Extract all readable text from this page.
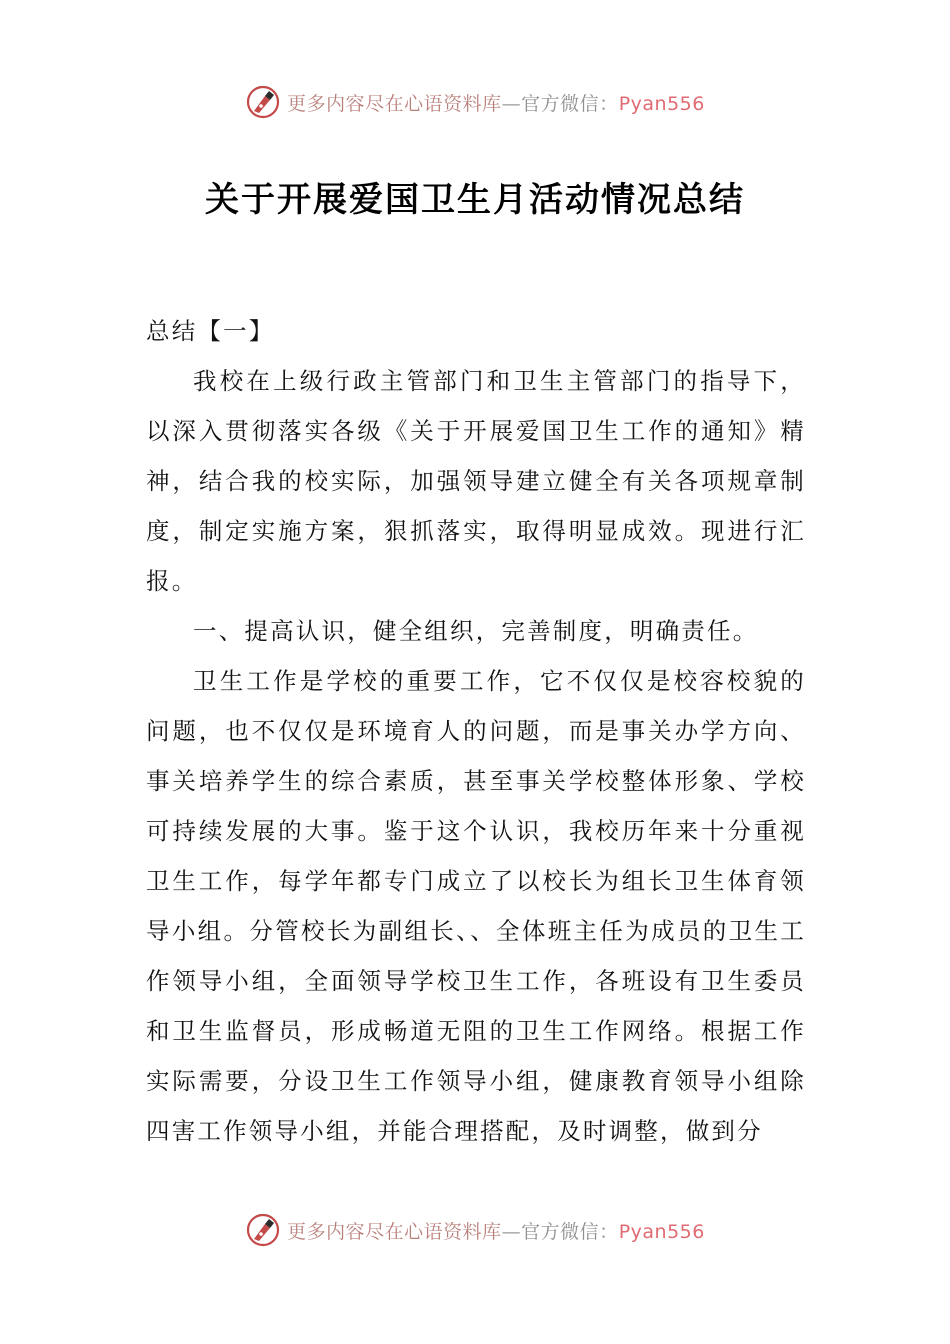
更多内容尽在心语资料库—官方微信：Pyan556
关于开展爱国卫生月活动情况总结

总结【一】

我校在上级行政主管部门和卫生主管部门的指导下，以深入贯彻落实各级《关于开展爱国卫生工作的通知》精神，结合我的校实际，加强领导建立健全有关各项规章制度，制定实施方案，狠抓落实，取得明显成效。现进行汇报。

一、提高认识，健全组织，完善制度，明确责任。

卫生工作是学校的重要工作，它不仅仅是校容校貌的问题，也不仅仅是环境育人的问题，而是事关办学方向、事关培养学生的综合素质，甚至事关学校整体形象、学校可持续发展的大事。鉴于这个认识，我校历年来十分重视卫生工作，每学年都专门成立了以校长为组长卫生体育领导小组。分管校长为副组长、、全体班主任为成员的卫生工作领导小组，全面领导学校卫生工作，各班设有卫生委员和卫生监督员，形成畅道无阻的卫生工作网络。根据工作实际需要，分设卫生工作领导小组，健康教育领导小组除四害工作领导小组，并能合理搭配，及时调整，做到分

更多内容尽在心语资料库—官方微信：Pyan556
